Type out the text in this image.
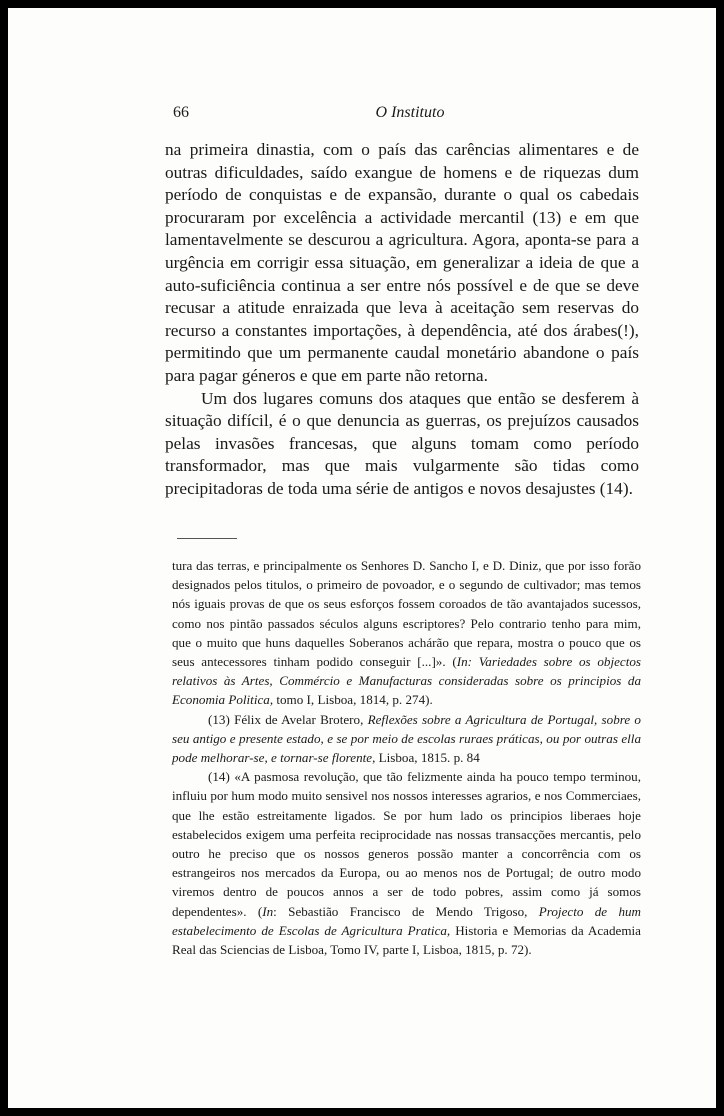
66	O Instituto

na primeira dinastia, com o país das carências alimentares e de outras dificuldades, saído exangue de homens e de riquezas dum período de conquistas e de expansão, durante o qual os cabedais procuraram por excelência a actividade mercantil (13) e em que lamentavelmente se descurou a agricultura. Agora, aponta-se para a urgência em corrigir essa situação, em generalizar a ideia de que a auto-suficiência continua a ser entre nós possível e de que se deve recusar a atitude enraizada que leva à aceitação sem reservas do recurso a constantes importações, à dependência, até dos árabes(!), permitindo que um permanente caudal monetário abandone o país para pagar géneros e que em parte não retorna.

Um dos lugares comuns dos ataques que então se desferem à situação difícil, é o que denuncia as guerras, os prejuízos causados pelas invasões francesas, que alguns tomam como período transformador, mas que mais vulgarmente são tidas como precipitadoras de toda uma série de antigos e novos desajustes (14).

tura das terras, e principalmente os Senhores D. Sancho I, e D. Diniz, que por isso forão designados pelos titulos, o primeiro de povoador, e o segundo de cultivador; mas temos nós iguais provas de que os seus esforços fossem coroados de tão avantajados sucessos, como nos pintão passados séculos alguns escriptores? Pelo contrario tenho para mim, que o muito que huns daquelles Soberanos achárão que repara, mostra o pouco que os seus antecessores tinham podido conseguir [...]». (In: Variedades sobre os objectos relativos às Artes, Commércio e Manufacturas consideradas sobre os principios da Economia Politica, tomo I, Lisboa, 1814, p. 274).

(13) Félix de Avelar Brotero, Reflexões sobre a Agricultura de Portugal, sobre o seu antigo e presente estado, e se por meio de escolas ruraes práticas, ou por outras ella pode melhorar-se, e tornar-se florente, Lisboa, 1815. p. 84

(14) «A pasmosa revolução, que tão felizmente ainda ha pouco tempo terminou, influiu por hum modo muito sensivel nos nossos interesses agrarios, e nos Commerciaes, que lhe estão estreitamente ligados. Se por hum lado os principios liberaes hoje estabelecidos exigem uma perfeita reciprocidade nas nossas transacções mercantis, pelo outro he preciso que os nossos generos possão manter a concorrência com os estrangeiros nos mercados da Europa, ou ao menos nos de Portugal; de outro modo viremos dentro de poucos annos a ser de todo pobres, assim como já somos dependentes». (In: Sebastião Francisco de Mendo Trigoso, Projecto de hum estabelecimento de Escolas de Agricultura Pratica, Historia e Memorias da Academia Real das Sciencias de Lisboa, Tomo IV, parte I, Lisboa, 1815, p. 72).
